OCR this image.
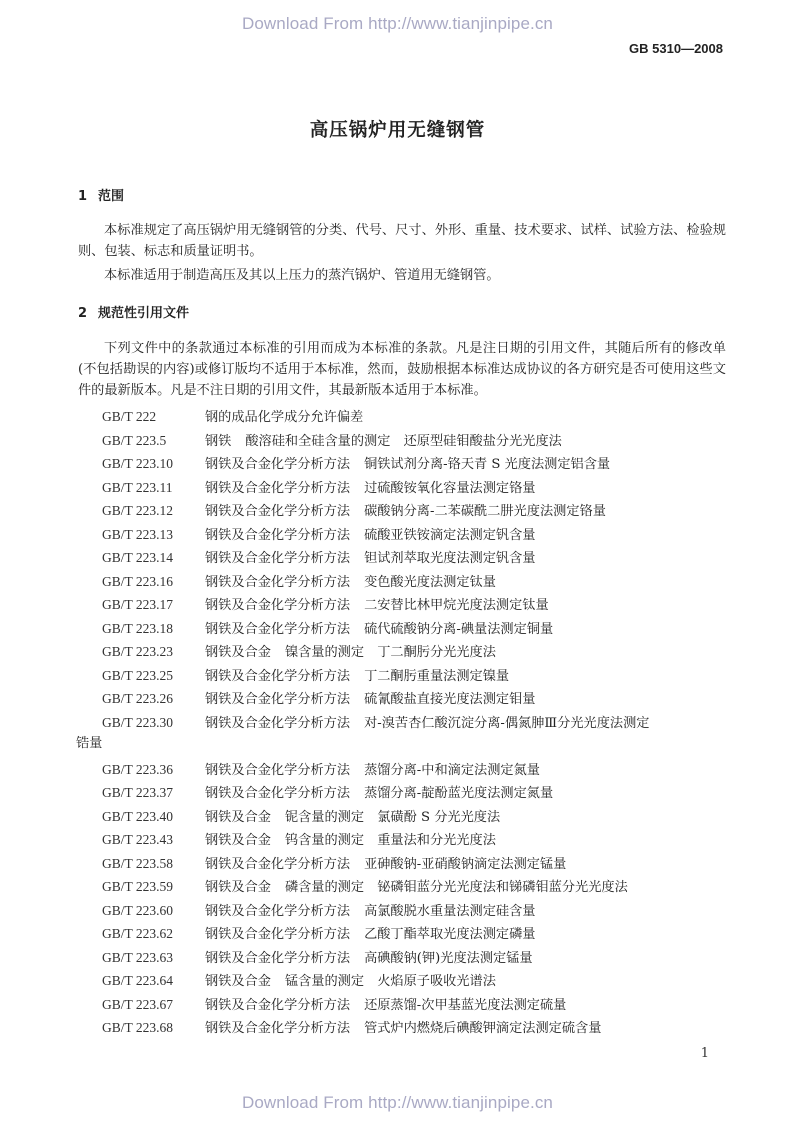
Download From http://www.tianjinpipe.cn
GB 5310—2008
高压锅炉用无缝钢管
1 范围
本标准规定了高压锅炉用无缝钢管的分类、代号、尺寸、外形、重量、技术要求、试样、试验方法、检验规则、包装、标志和质量证明书。
本标准适用于制造高压及其以上压力的蒸汽锅炉、管道用无缝钢管。
2 规范性引用文件
下列文件中的条款通过本标准的引用而成为本标准的条款。凡是注日期的引用文件，其随后所有的修改单(不包括勘误的内容)或修订版均不适用于本标准，然而，鼓励根据本标准达成协议的各方研究是否可使用这些文件的最新版本。凡是不注日期的引用文件，其最新版本适用于本标准。
GB/T 222	钢的成品化学成分允许偏差
GB/T 223.5	钢铁 酸溶硅和全硅含量的测定　还原型硅钼酸盐分光光度法
GB/T 223.10 钢铁及合金化学分析方法 铜铁试剂分离-铬天青 S 光度法测定铝含量
GB/T 223.11 钢铁及合金化学分析方法 过硫酸铵氧化容量法测定铬量
GB/T 223.12 钢铁及合金化学分析方法 碳酸钠分离-二苯碳酰二肼光度法测定铬量
GB/T 223.13 钢铁及合金化学分析方法 硫酸亚铁铵滴定法测定钒含量
GB/T 223.14 钢铁及合金化学分析方法 钽试剂萃取光度法测定钒含量
GB/T 223.16 钢铁及合金化学分析方法 变色酸光度法测定钛量
GB/T 223.17 钢铁及合金化学分析方法 二安替比林甲烷光度法测定钛量
GB/T 223.18 钢铁及合金化学分析方法 硫代硫酸钠分离-碘量法测定铜量
GB/T 223.23 钢铁及合金 镍含量的测定　丁二酮肟分光光度法
GB/T 223.25 钢铁及合金化学分析方法 丁二酮肟重量法测定镍量
GB/T 223.26 钢铁及合金化学分析方法 硫氰酸盐直接光度法测定钼量
GB/T 223.30 钢铁及合金化学分析方法 对-溴苦杏仁酸沉淀分离-偶氮胂Ⅲ分光光度法测定
锆量
GB/T 223.36 钢铁及合金化学分析方法 蒸馏分离-中和滴定法测定氮量
GB/T 223.37 钢铁及合金化学分析方法 蒸馏分离-靛酚蓝光度法测定氮量
GB/T 223.40 钢铁及合金 铌含量的测定　氯磺酚 S 分光光度法
GB/T 223.43 钢铁及合金 钨含量的测定　重量法和分光光度法
GB/T 223.58 钢铁及合金化学分析方法 亚砷酸钠-亚硝酸钠滴定法测定锰量
GB/T 223.59 钢铁及合金 磷含量的测定　铋磷钼蓝分光光度法和锑磷钼蓝分光光度法
GB/T 223.60 钢铁及合金化学分析方法 高氯酸脱水重量法测定硅含量
GB/T 223.62 钢铁及合金化学分析方法 乙酸丁酯萃取光度法测定磷量
GB/T 223.63 钢铁及合金化学分析方法 高碘酸钠(钾)光度法测定锰量
GB/T 223.64 钢铁及合金 锰含量的测定　火焰原子吸收光谱法
GB/T 223.67 钢铁及合金化学分析方法 还原蒸馏-次甲基蓝光度法测定硫量
GB/T 223.68 钢铁及合金化学分析方法 管式炉内燃烧后碘酸钾滴定法测定硫含量
1
Download From http://www.tianjinpipe.cn
